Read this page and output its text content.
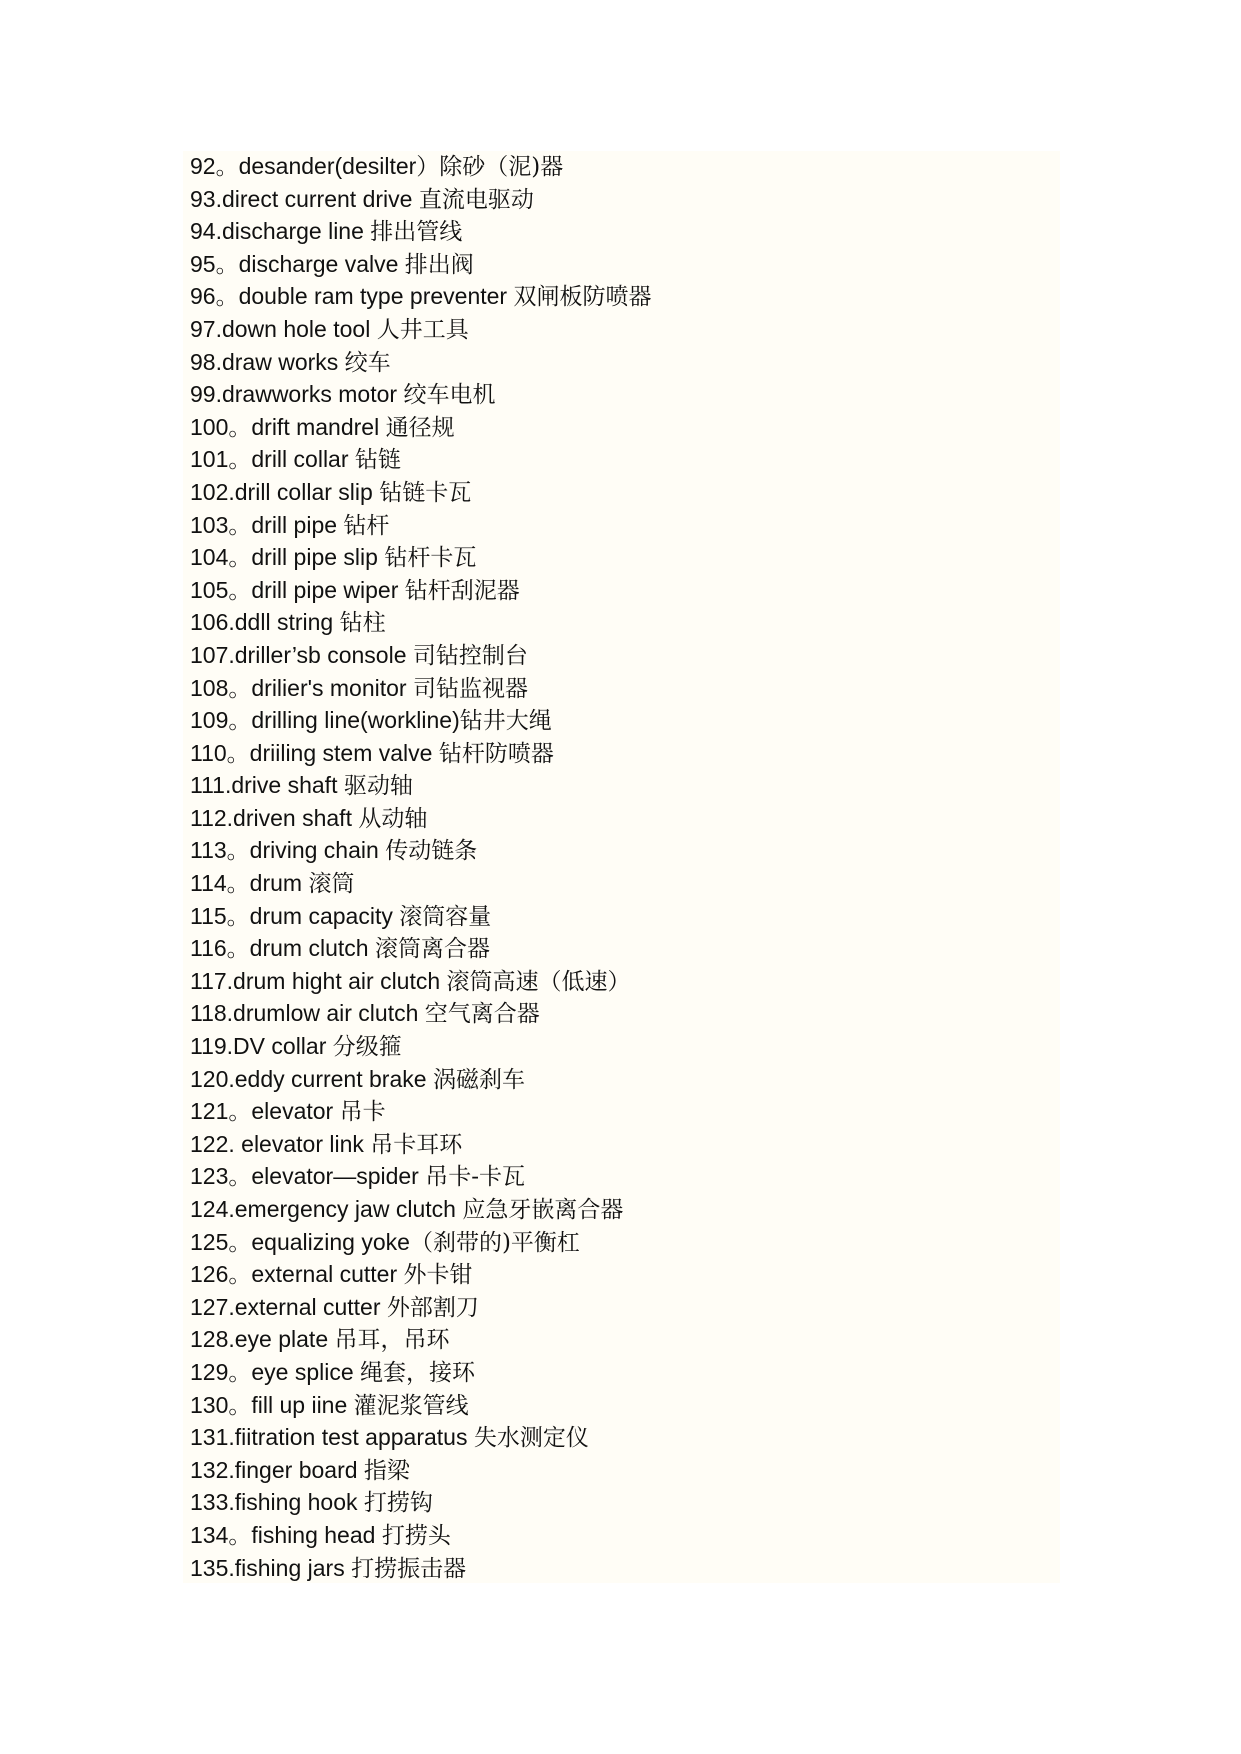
92。desander(desilter）除砂（泥)器
93.direct current drive 直流电驱动
94.discharge line 排出管线
95。discharge valve 排出阀
96。double ram type preventer 双闸板防喷器
97.down hole tool 人井工具
98.draw works 绞车
99.drawworks motor 绞车电机
100。drift mandrel 通径规
101。drill collar 钻链
102.drill collar slip 钻链卡瓦
103。drill pipe 钻杆
104。drill pipe slip 钻杆卡瓦
105。drill pipe wiper 钻杆刮泥器
106.ddll string 钻柱
107.driller’sb console 司钻控制台
108。drilier's monitor 司钻监视器
109。drilling line(workline)钻井大绳
110。driiling stem valve 钻杆防喷器
111.drive shaft 驱动轴
112.driven shaft 从动轴
113。driving chain 传动链条
114。drum 滚筒
115。drum capacity 滚筒容量
116。drum clutch 滚筒离合器
117.drum hight air clutch 滚筒高速（低速）
118.drumlow air clutch 空气离合器
119.DV collar 分级箍
120.eddy current brake 涡磁刹车
121。elevator 吊卡
122. elevator link 吊卡耳环
123。elevator—spider 吊卡-卡瓦
124.emergency jaw clutch 应急牙嵌离合器
125。equalizing yoke（刹带的)平衡杠
126。external cutter 外卡钳
127.external cutter 外部割刀
128.eye plate 吊耳，吊环
129。eye splice 绳套，接环
130。fill up iine 灌泥浆管线
131.fiitration test apparatus 失水测定仪
132.finger board 指梁
133.fishing hook 打捞钩
134。fishing head 打捞头
135.fishing jars 打捞振击器
